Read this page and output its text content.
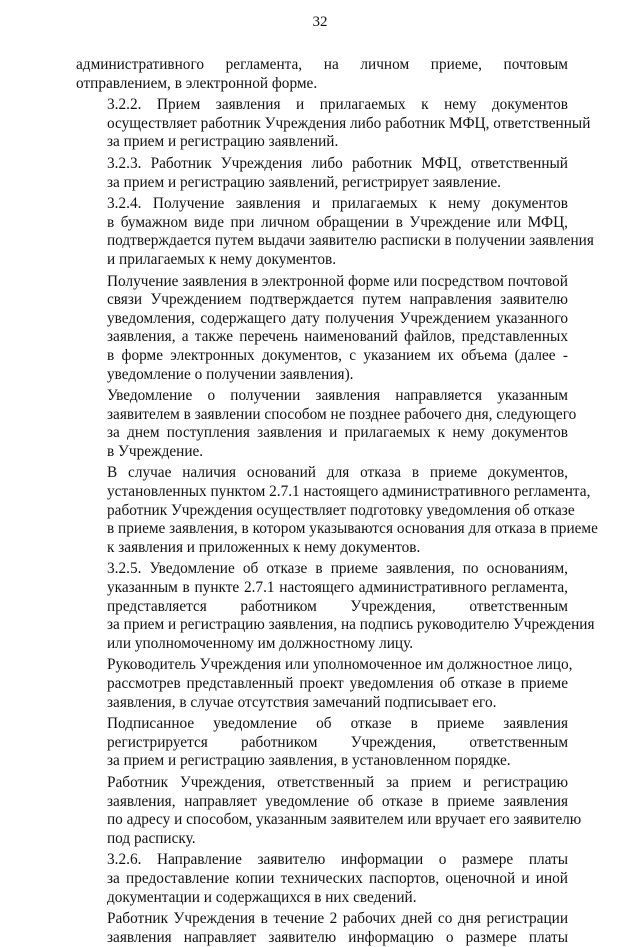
32
административного регламента, на личном приеме, почтовым
отправлением, в электронной форме.
3.2.2. Прием заявления и прилагаемых к нему документов
осуществляет работник Учреждения либо работник МФЦ, ответственный
за прием и регистрацию заявлений.
3.2.3. Работник Учреждения либо работник МФЦ, ответственный
за прием и регистрацию заявлений, регистрирует заявление.
3.2.4. Получение заявления и прилагаемых к нему документов
в бумажном виде при личном обращении в Учреждение или МФЦ,
подтверждается путем выдачи заявителю расписки в получении заявления
и прилагаемых к нему документов.
Получение заявления в электронной форме или посредством почтовой
связи Учреждением подтверждается путем направления заявителю
уведомления, содержащего дату получения Учреждением указанного
заявления, а также перечень наименований файлов, представленных
в форме электронных документов, с указанием их объема (далее -
уведомление о получении заявления).
Уведомление о получении заявления направляется указанным
заявителем в заявлении способом не позднее рабочего дня, следующего
за днем поступления заявления и прилагаемых к нему документов
в Учреждение.
В случае наличия оснований для отказа в приеме документов,
установленных пунктом 2.7.1 настоящего административного регламента,
работник Учреждения осуществляет подготовку уведомления об отказе
в приеме заявления, в котором указываются основания для отказа в приеме
к заявления и приложенных к нему документов.
3.2.5. Уведомление об отказе в приеме заявления, по основаниям,
указанным в пункте 2.7.1 настоящего административного регламента,
представляется работником Учреждения, ответственным
за прием и регистрацию заявления, на подпись руководителю Учреждения
или уполномоченному им должностному лицу.
Руководитель Учреждения или уполномоченное им должностное лицо,
рассмотрев представленный проект уведомления об отказе в приеме
заявления, в случае отсутствия замечаний подписывает его.
Подписанное уведомление об отказе в приеме заявления
регистрируется работником Учреждения, ответственным
за прием и регистрацию заявления, в установленном порядке.
Работник Учреждения, ответственный за прием и регистрацию
заявления, направляет уведомление об отказе в приеме заявления
по адресу и способом, указанным заявителем или вручает его заявителю
под расписку.
3.2.6. Направление заявителю информации о размере платы
за предоставление копии технических паспортов, оценочной и иной
документации и содержащихся в них сведений.
Работник Учреждения в течение 2 рабочих дней со дня регистрации
заявления направляет заявителю информацию о размере платы
